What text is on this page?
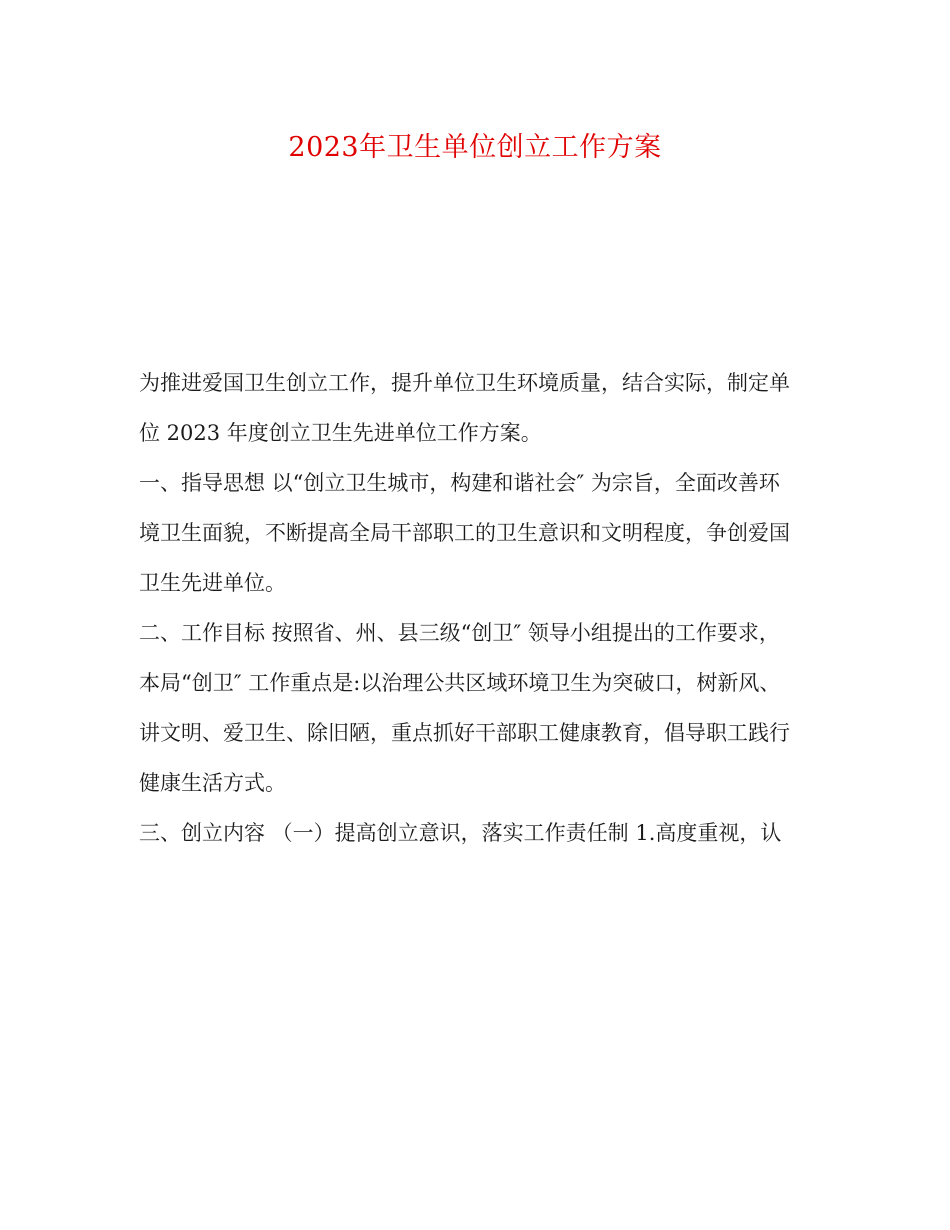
2023年卫生单位创立工作方案
为推进爱国卫生创立工作，提升单位卫生环境质量，结合实际，制定单
位 2023 年度创立卫生先进单位工作方案。
一、指导思想 以“创立卫生城市，构建和谐社会″ 为宗旨，全面改善环
境卫生面貌，不断提高全局干部职工的卫生意识和文明程度，争创爱国
卫生先进单位。
二、工作目标 按照省、州、县三级“创卫″ 领导小组提出的工作要求，
本局“创卫″ 工作重点是:以治理公共区域环境卫生为突破口，树新风、
讲文明、爱卫生、除旧陋，重点抓好干部职工健康教育，倡导职工践行
健康生活方式。
三、创立内容 （一）提高创立意识，落实工作责任制 1.高度重视，认
